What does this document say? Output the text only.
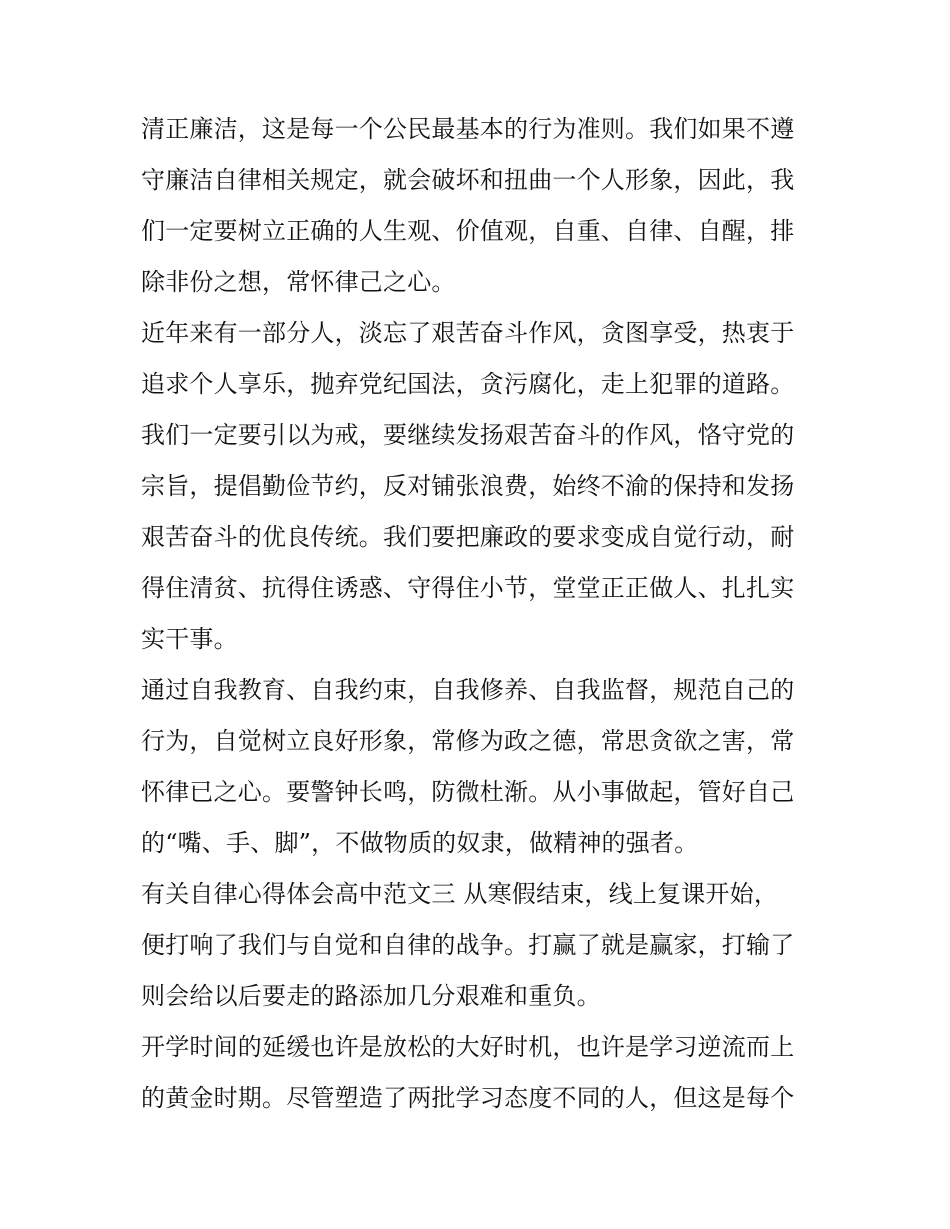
清正廉洁，这是每一个公民最基本的行为准则。我们如果不遵
守廉洁自律相关规定，就会破坏和扭曲一个人形象，因此，我
们一定要树立正确的人生观、价值观，自重、自律、自醒，排
除非份之想，常怀律己之心。
近年来有一部分人，淡忘了艰苦奋斗作风，贪图享受，热衷于
追求个人享乐，抛弃党纪国法，贪污腐化，走上犯罪的道路。
我们一定要引以为戒，要继续发扬艰苦奋斗的作风，恪守党的
宗旨，提倡勤俭节约，反对铺张浪费，始终不渝的保持和发扬
艰苦奋斗的优良传统。我们要把廉政的要求变成自觉行动，耐
得住清贫、抗得住诱惑、守得住小节，堂堂正正做人、扎扎实
实干事。
通过自我教育、自我约束，自我修养、自我监督，规范自己的
行为，自觉树立良好形象，常修为政之德，常思贪欲之害，常
怀律已之心。要警钟长鸣，防微杜渐。从小事做起，管好自己
的“嘴、手、脚”，不做物质的奴隶，做精神的强者。
有关自律心得体会高中范文三 从寒假结束，线上复课开始，
便打响了我们与自觉和自律的战争。打赢了就是赢家，打输了
则会给以后要走的路添加几分艰难和重负。
开学时间的延缓也许是放松的大好时机，也许是学习逆流而上
的黄金时期。尽管塑造了两批学习态度不同的人，但这是每个
